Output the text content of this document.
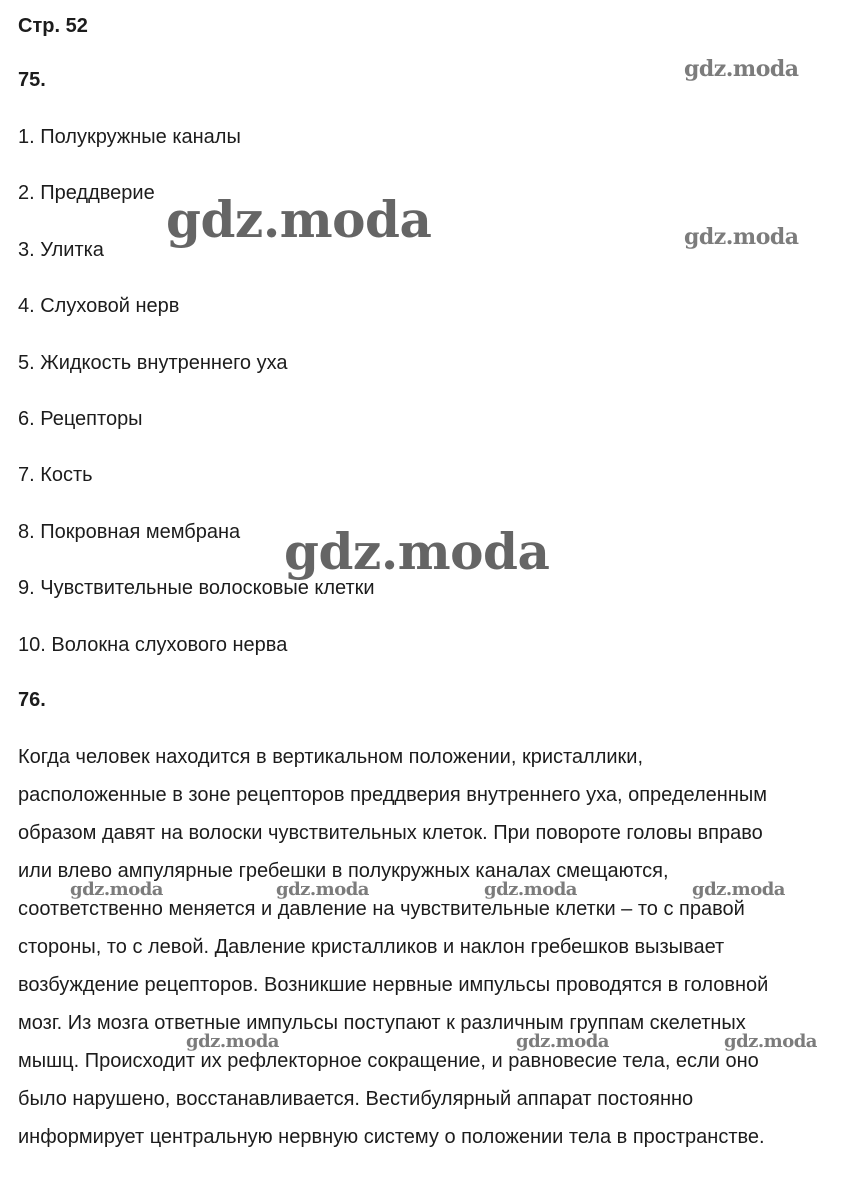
Стр. 52
75.
1. Полукружные каналы
2. Преддверие
3. Улитка
4. Слуховой нерв
5. Жидкость внутреннего уха
6. Рецепторы
7. Кость
8. Покровная мембрана
9. Чувствительные волосковые клетки
10. Волокна слухового нерва
76.

Когда человек находится в вертикальном положении, кристаллики,
расположенные в зоне рецепторов преддверия внутреннего уха, определенным
образом давят на волоски чувствительных клеток. При повороте головы вправо
или влево ампулярные гребешки в полукружных каналах смещаются,
соответственно меняется и давление на чувствительные клетки – то с правой
стороны, то с левой. Давление кристалликов и наклон гребешков вызывает
возбуждение рецепторов. Возникшие нервные импульсы проводятся в головной
мозг. Из мозга ответные импульсы поступают к различным группам скелетных
мышц. Происходит их рефлекторное сокращение, и равновесие тела, если оно
было нарушено, восстанавливается. Вестибулярный аппарат постоянно
информирует центральную нервную систему о положении тела в пространстве.

gdz.moda
gdz.moda	gdz.moda
gdz.moda
gdz.moda	gdz.moda	gdz.moda	gdz.moda
gdz.moda	gdz.moda	gdz.moda
